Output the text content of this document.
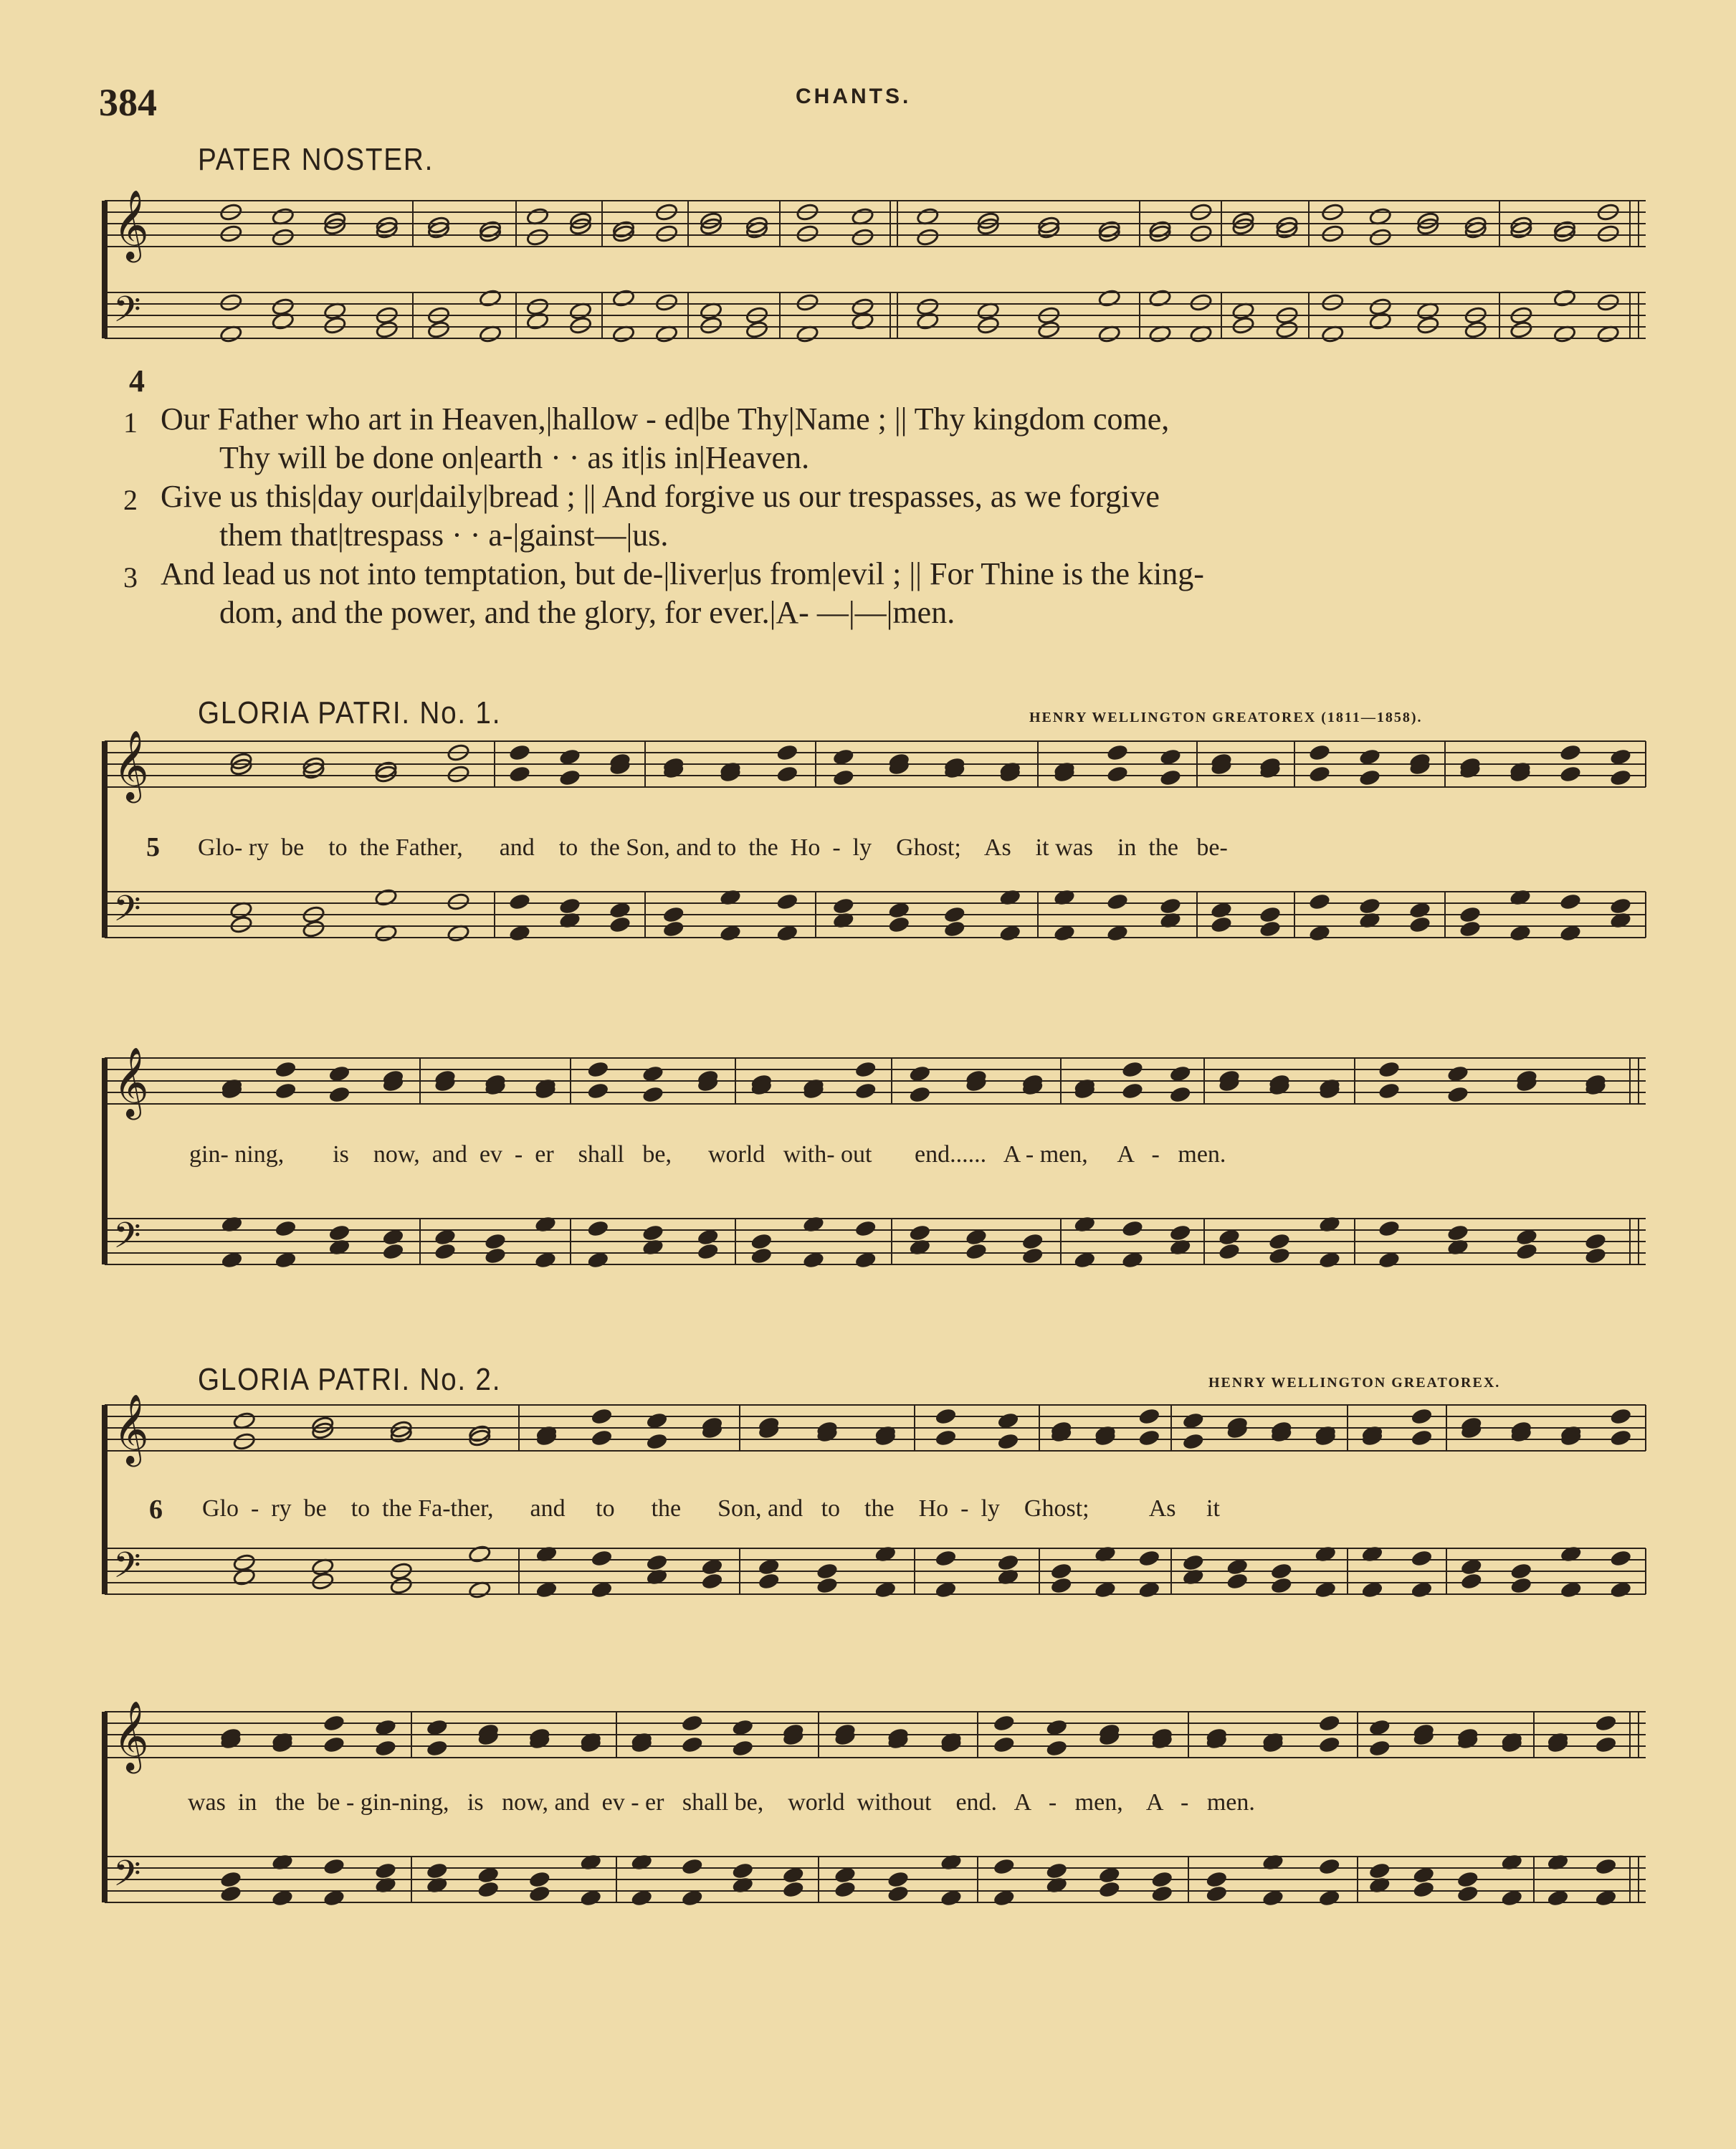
384	CHANTS.
PATER NOSTER.
𝄞
𝄢
𝄞
𝄢
𝄞
𝄢
𝄞
𝄢
𝄞
𝄢
4
1 Our Father who art in Heaven,|hallow - ed|be Thy|Name ; || Thy kingdom come,
Thy will be done on|earth · · as it|is in|Heaven.
2 Give us this|day our|daily|bread ; || And forgive us our trespasses, as we forgive
them that|trespass · · a-|gainst—|us.
3 And lead us not into temptation, but de-|liver|us from|evil ; || For Thine is the king-
dom, and the power, and the glory, for ever.|A- —|—|men.
GLORIA PATRI. No. 1.	HENRY WELLINGTON GREATOREX (1811—1858).
5 Glo- ry  be    to  the Father,      and    to  the Son, and to  the  Ho  -  ly    Ghost;    As    it was    in  the   be-
gin- ning,        is    now,  and  ev  -  er    shall   be,      world   with- out       end......   A - men,     A   -   men.
GLORIA PATRI. No. 2.	HENRY WELLINGTON GREATOREX.
6 Glo  -  ry  be    to  the Fa-ther,      and     to      the      Son, and   to    the    Ho  -  ly    Ghost;          As     it
was  in   the  be - gin-ning,   is   now, and  ev - er   shall be,    world  without    end.   A   -   men,    A   -   men.
